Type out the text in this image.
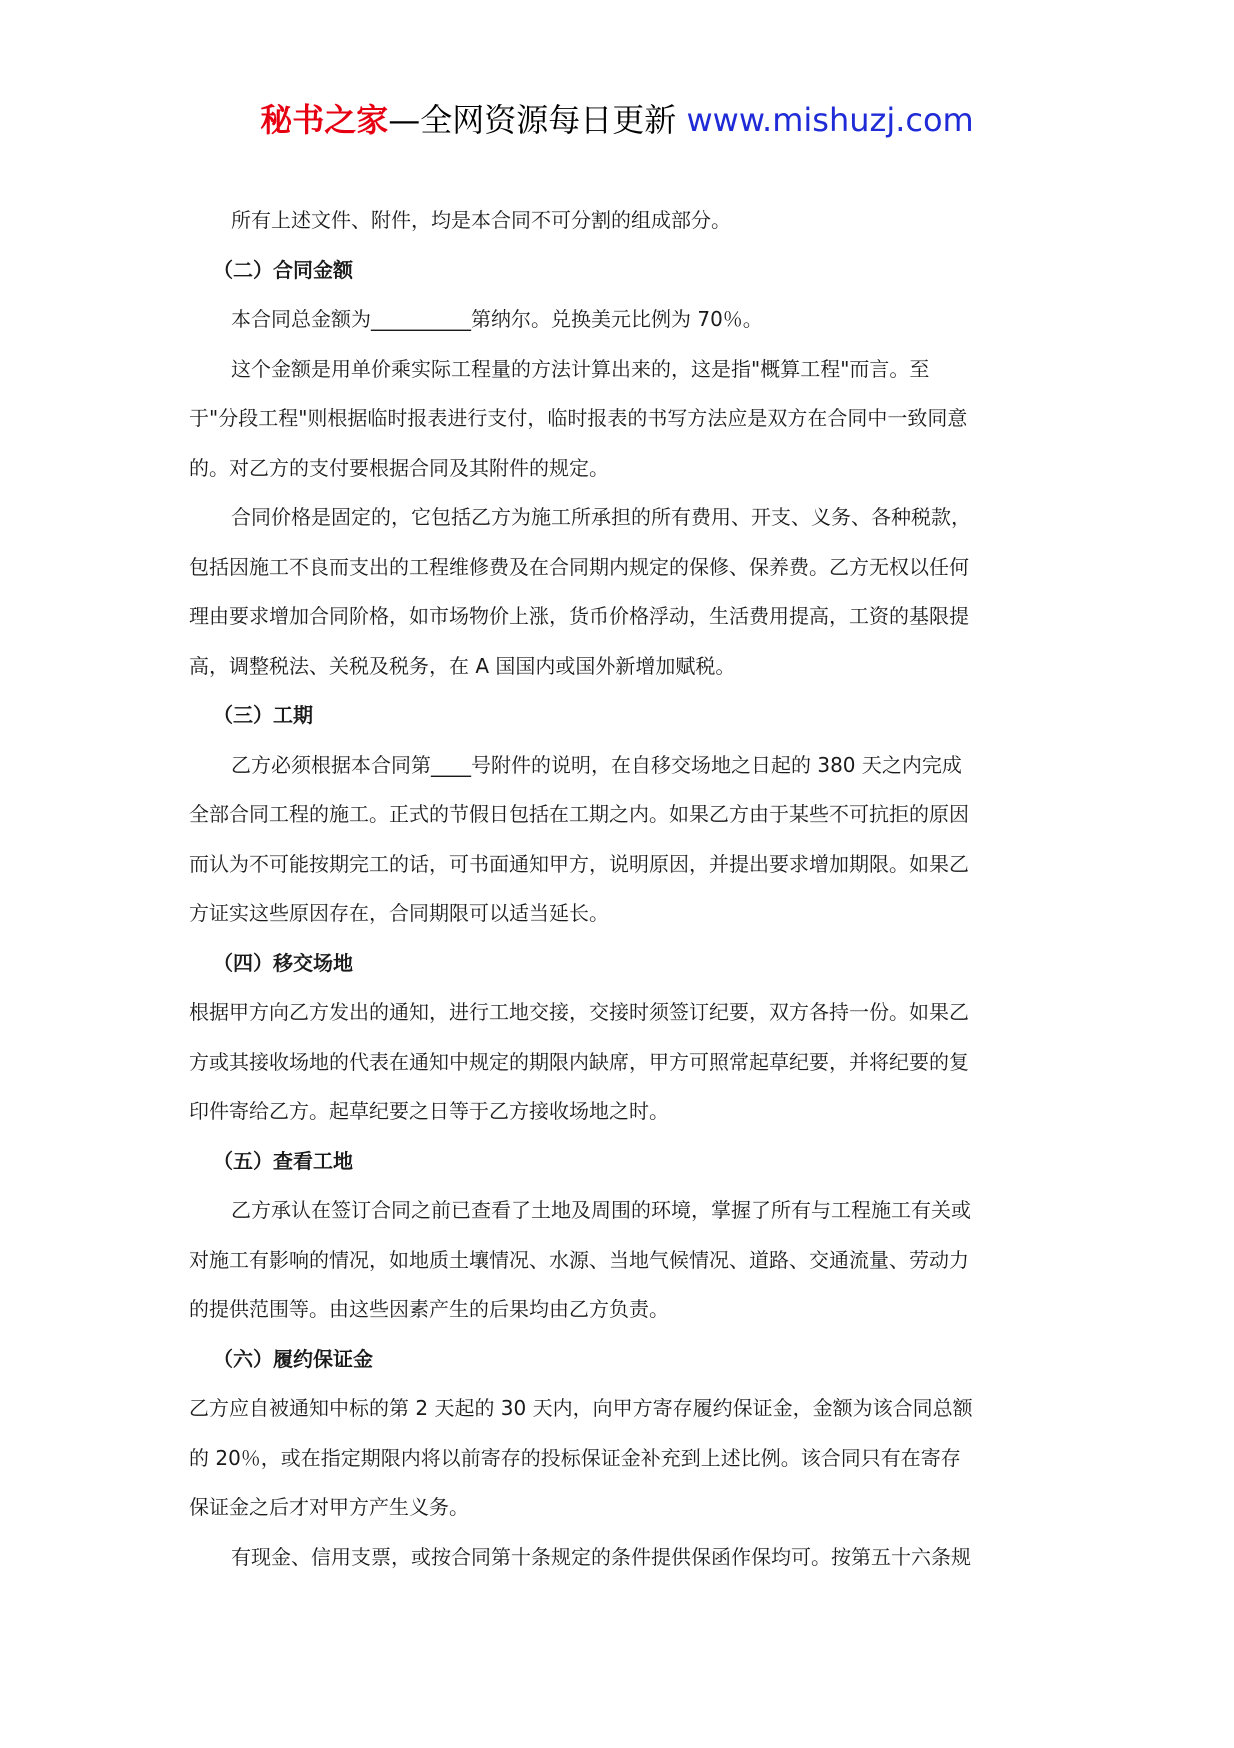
秘书之家—全网资源每日更新 www.mishuzj.com

所有上述文件、附件，均是本合同不可分割的组成部分。

（二）合同金额

本合同总金额为__________第纳尔。兑换美元比例为 70％。

这个金额是用单价乘实际工程量的方法计算出来的，这是指"概算工程"而言。至

于"分段工程"则根据临时报表进行支付，临时报表的书写方法应是双方在合同中一致同意

的。对乙方的支付要根据合同及其附件的规定。

合同价格是固定的，它包括乙方为施工所承担的所有费用、开支、义务、各种税款，

包括因施工不良而支出的工程维修费及在合同期内规定的保修、保养费。乙方无权以任何

理由要求增加合同阶格，如市场物价上涨，货币价格浮动，生活费用提高，工资的基限提

高，调整税法、关税及税务，在 A 国国内或国外新增加赋税。

（三）工期

乙方必须根据本合同第____号附件的说明，在自移交场地之日起的 380 天之内完成

全部合同工程的施工。正式的节假日包括在工期之内。如果乙方由于某些不可抗拒的原因

而认为不可能按期完工的话，可书面通知甲方，说明原因，并提出要求增加期限。如果乙

方证实这些原因存在，合同期限可以适当延长。

（四）移交场地

根据甲方向乙方发出的通知，进行工地交接，交接时须签订纪要，双方各持一份。如果乙

方或其接收场地的代表在通知中规定的期限内缺席，甲方可照常起草纪要，并将纪要的复

印件寄给乙方。起草纪要之日等于乙方接收场地之时。

（五）查看工地

乙方承认在签订合同之前已查看了土地及周围的环境，掌握了所有与工程施工有关或

对施工有影响的情况，如地质土壤情况、水源、当地气候情况、道路、交通流量、劳动力

的提供范围等。由这些因素产生的后果均由乙方负责。

（六）履约保证金

乙方应自被通知中标的第 2 天起的 30 天内，向甲方寄存履约保证金，金额为该合同总额

的 20％，或在指定期限内将以前寄存的投标保证金补充到上述比例。该合同只有在寄存

保证金之后才对甲方产生义务。

有现金、信用支票，或按合同第十条规定的条件提供保函作保均可。按第五十六条规
